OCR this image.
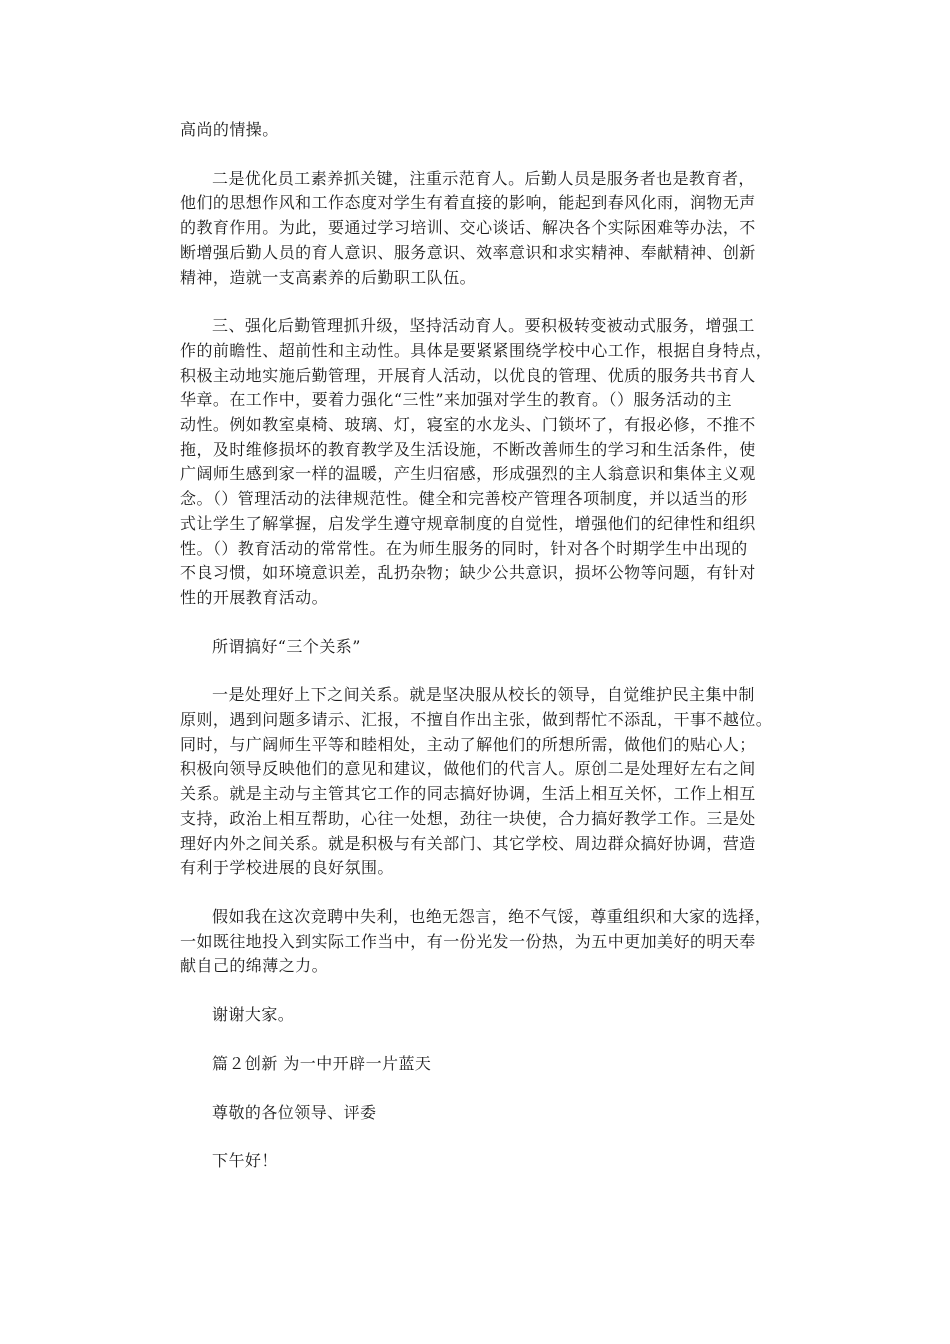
高尚的情操。

二是优化员工素养抓关键，注重示范育人。后勤人员是服务者也是教育者，
他们的思想作风和工作态度对学生有着直接的影响，能起到春风化雨，润物无声
的教育作用。为此，要通过学习培训、交心谈话、解决各个实际困难等办法，不
断增强后勤人员的育人意识、服务意识、效率意识和求实精神、奉献精神、创新
精神，造就一支高素养的后勤职工队伍。

三、强化后勤管理抓升级，坚持活动育人。要积极转变被动式服务，增强工
作的前瞻性、超前性和主动性。具体是要紧紧围绕学校中心工作，根据自身特点，
积极主动地实施后勤管理，开展育人活动，以优良的管理、优质的服务共书育人
华章。在工作中，要着力强化“三性”来加强对学生的教育。（）服务活动的主
动性。例如教室桌椅、玻璃、灯，寝室的水龙头、门锁坏了，有报必修，不推不
拖，及时维修损坏的教育教学及生活设施，不断改善师生的学习和生活条件，使
广阔师生感到家一样的温暖，产生归宿感，形成强烈的主人翁意识和集体主义观
念。（）管理活动的法律规范性。健全和完善校产管理各项制度，并以适当的形
式让学生了解掌握，启发学生遵守规章制度的自觉性，增强他们的纪律性和组织
性。（）教育活动的常常性。在为师生服务的同时，针对各个时期学生中出现的
不良习惯，如环境意识差，乱扔杂物；缺少公共意识，损坏公物等问题，有针对
性的开展教育活动。

所谓搞好“三个关系”

一是处理好上下之间关系。就是坚决服从校长的领导，自觉维护民主集中制
原则，遇到问题多请示、汇报，不擅自作出主张，做到帮忙不添乱，干事不越位。
同时，与广阔师生平等和睦相处，主动了解他们的所想所需，做他们的贴心人；
积极向领导反映他们的意见和建议，做他们的代言人。原创二是处理好左右之间
关系。就是主动与主管其它工作的同志搞好协调，生活上相互关怀，工作上相互
支持，政治上相互帮助，心往一处想，劲往一块使，合力搞好教学工作。三是处
理好内外之间关系。就是积极与有关部门、其它学校、周边群众搞好协调，营造
有利于学校进展的良好氛围。

假如我在这次竞聘中失利，也绝无怨言，绝不气馁，尊重组织和大家的选择，
一如既往地投入到实际工作当中，有一份光发一份热，为五中更加美好的明天奉
献自己的绵薄之力。

谢谢大家。

篇２创新 为一中开辟一片蓝天

尊敬的各位领导、评委

下午好！
